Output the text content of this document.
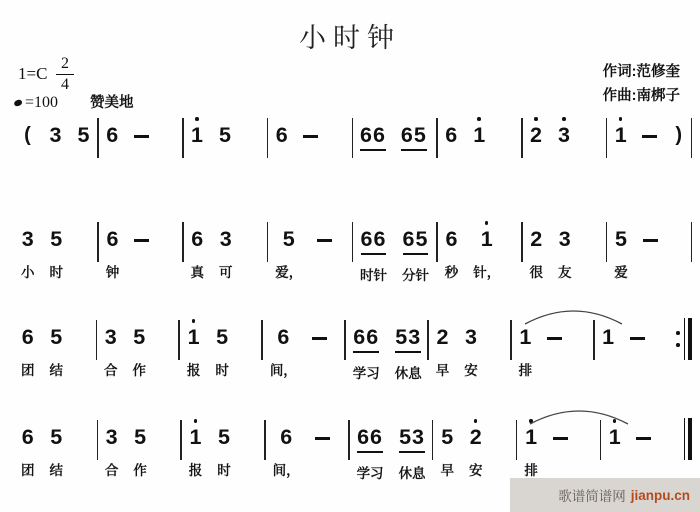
小时钟
$1=C \frac{2}{4}$
=100 赞美地
作词:范修奎
作曲:南梆子
( 3 5 6	1 5 6	66 65 6 1 2 3 1 )
3
小
5
时
6
钟
6
真
3
可
5
爱，
66
时针
65
分针
6
秒
1
针，
2
很
3
友
5
爱
6
团
5
结
3
合
5
作
1
报
5
时
6
间，
66
学习
53
休息
2
早
3
安
1
排
1
6
团
5
结
3
合
5
作
1
报
5
时
6
间，
66
学习
53
休息
5
早
2
安
1
排
1
歌谱简谱网 jianpu.cn
